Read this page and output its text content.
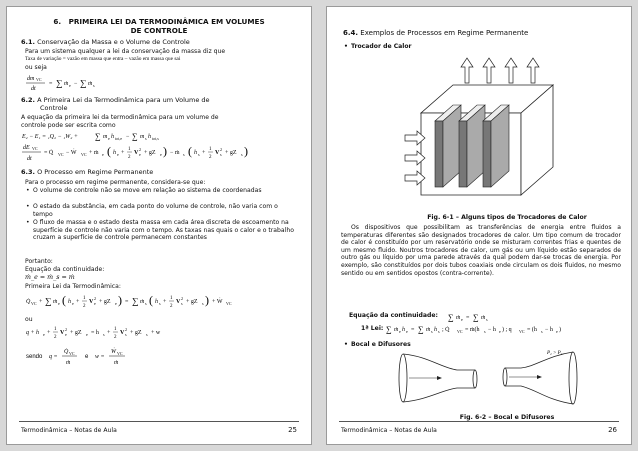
6. PRIMEIRA LEI DA TERMODINÂMICA EM VOLUMES
DE CONTROLE
6.1. Conservação da Massa e o Volume de Controle
Para um sistema qualquer a lei da conservação da massa diz que
Taxa de variação = vazão em massa que entra – vazão em massa que sai
ou seja
dm VC
dt
= ∑ ṁ e − ∑ ṁ s
6.2. A Primeira Lei da Termodinâmica para um Volume de
Controle
A equação da primeira lei da termodinâmica para um volume de
controle pode ser escrita como
E₂ − E₁ = ₁Q₂ − ₁W₂ + ∑ m e h tot,e − ∑ m s h tot,s
dE VC
dt
= Q̇ VC − Ẇ VC + ṁ e ( h e +
1
2
V
2
e + gZ e ) − ṁ s ( h s +
1
2
V
2
s + gZ s )
6.3. O Processo em Regime Permanente
Para o processo em regime permanente, considera-se que:
• O volume de controle não se move em relação ao sistema de coordenadas
• O estado da substância, em cada ponto do volume de controle, não varia com o tempo
• O fluxo de massa e o estado desta massa em cada área discreta de escoamento na superfície de controle não varia com o tempo. As taxas nas quais o calor e o trabalho cruzam a superfície de controle permanecem constantes
Portanto:
Equação da continuidade:
ṁ_e = ṁ_s = ṁ
Primeira Lei da Termodinâmica:
Q̇ VC + ∑ ṁ e ( h e +
1
2
V
2
e + gZ e ) = ∑ ṁ s ( h s +
1
2
V
2
s + gZ s ) + Ẇ VC
ou
q + h e +
1
2
V
2
e + gZ e = h s +
1
2
V
2
s + gZ s + w
sendo q =
Q̇ VC
ṁ
e w =
Ẇ VC
ṁ
Termodinâmica – Notas de Aula	25
6.4. Exemplos de Processos em Regime Permanente
• Trocador de Calor
Fig. 6-1 – Alguns tipos de Trocadores de Calor
Os dispositivos que possibilitam as transferências de energia entre fluidos a temperaturas diferentes são designados trocadores de calor. Um tipo comum de trocador de calor é constituído por um reservatório onde se misturam correntes frias e quentes de um mesmo fluido. Noutros trocadores de calor, um gás ou um líquido estão separados de outro gás ou líquido por uma parede através da qual podem dar-se trocas de energia. Por exemplo, são constituídos por dois tubos coaxiais onde circulam os dois fluidos, no mesmo sentido ou em sentidos opostos (contra-corrente).
Equação da continuidade: ∑ ṁ e = ∑ ṁ s
1ª Lei: ∑ ṁ e h e = ∑ ṁ s h s ; Q̇ VC = ṁ(h s − h e ) ; q VC = (h s − h e )
• Bocal e Difusores
P₂ > P₁
Fig. 6-2 – Bocal e Difusores
Termodinâmica – Notas de Aula	26
